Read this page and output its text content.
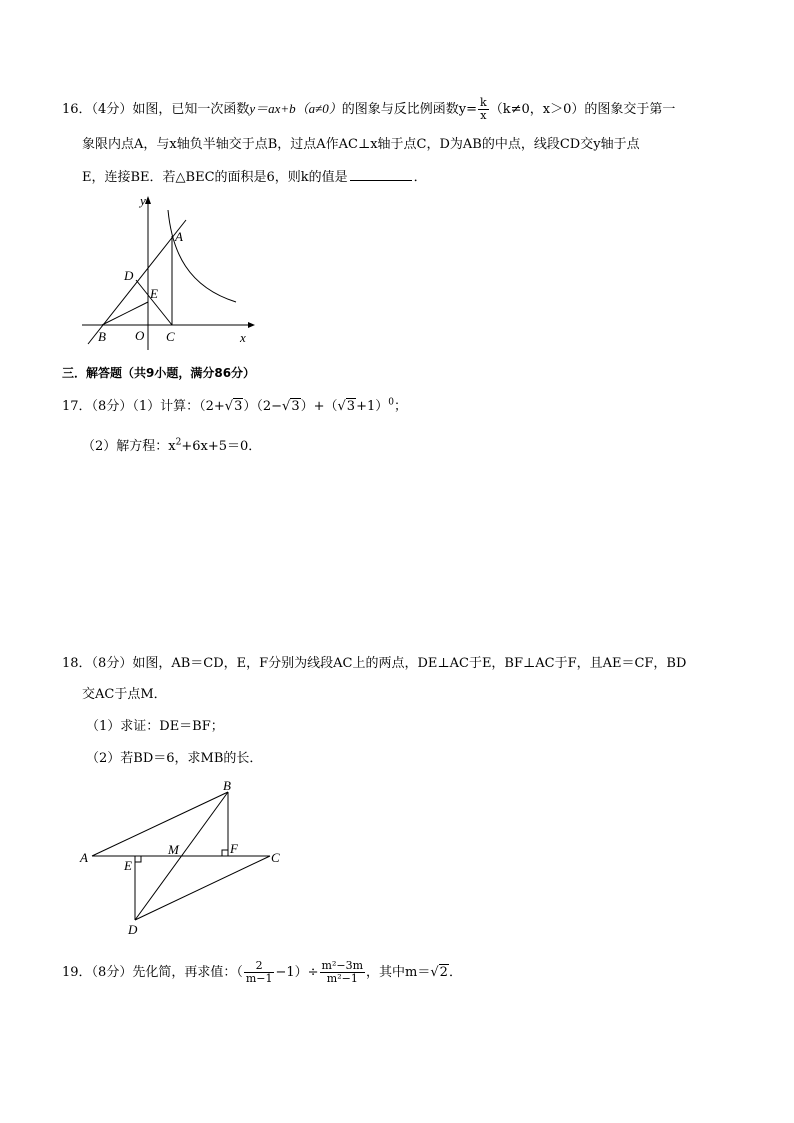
16．（4分）如图，已知一次函数y＝ax+b（a≠0）的图象与反比例函数$y= \frac{k}{x} (k\ne 0$，x＞0）的图象交于第一
象限内点A，与x轴负半轴交于点B，过点A作AC⊥x轴于点C，D为AB的中点，线段CD交y轴于点
E，连接BE．若△BEC的面积是6，则k的值是	．
y
x
A
B	C
D
E
O
三．解答题（共9小题，满分86分）
17．（8分）（1）计算：$(2+√3)(2-√3)+(√3+1)^0$；
（2）解方程：$x^2+6x+5=0$．
18．（8分）如图，AB＝CD，E，F分别为线段AC上的两点，DE⊥AC于E，BF⊥AC于F，且AE＝CF，BD
交AC于点M．
（1）求证：DE＝BF；
（2）若BD＝6，求MB的长．
A
B
C
D
E
F
M
19．（8分）先化简，再求值：（ $\frac{2}{m-1} -1)\div \frac{\text{m²−3m}}{\text{m²−1}}$ ，其中m＝√2．
